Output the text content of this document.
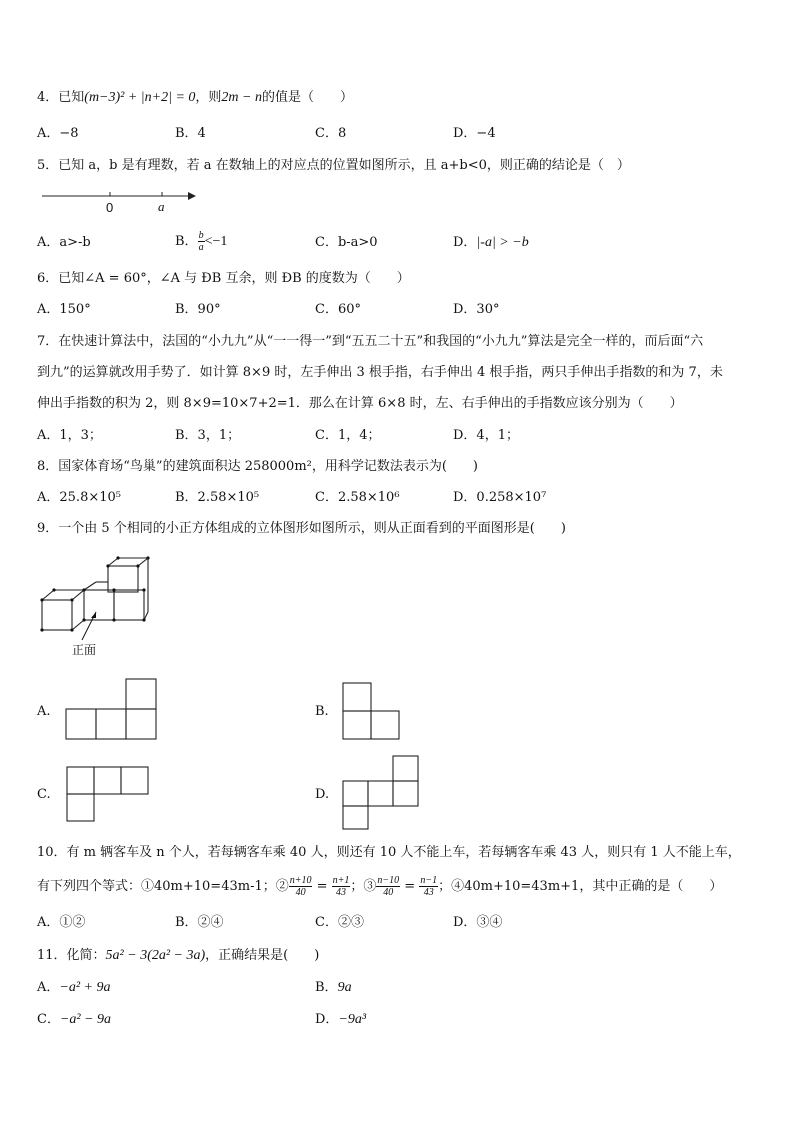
4．已知(m−3)² + |n+2| = 0，则2m − n的值是（　　）
A．−8	B．4	C．8	D．−4
5．已知 a，b 是有理数，若 a 在数轴上的对应点的位置如图所示，且 a+b<0，则正确的结论是（　）
0	a
A．a>-b	B． $\frac{b}{a} <-1$	C．b-a>0	D．|-a| > −b
6．已知∠A = 60°，∠A 与 ÐB 互余，则 ÐB 的度数为（　　）
A．150°	B．90°	C．60°	D．30°
7．在快速计算法中，法国的“小九九”从“一一得一”到“五五二十五”和我国的“小九九”算法是完全一样的，而后面“六
到九”的运算就改用手势了．如计算 8×9 时，左手伸出 3 根手指，右手伸出 4 根手指，两只手伸出手指数的和为 7，未
伸出手指数的积为 2，则 8×9=10×7+2=1．那么在计算 6×8 时，左、右手伸出的手指数应该分别为（　　）
A．1，3；	B．3，1；	C．1，4；	D．4，1；
8．国家体育场“鸟巢”的建筑面积达 258000m²，用科学记数法表示为(　　)
A．25.8×10⁵	B．2.58×10⁵	C．2.58×10⁶	D．0.258×10⁷
9．一个由 5 个相同的小正方体组成的立体图形如图所示，则从正面看到的平面图形是(　　)
正面
A.	B.
C.	D.
10．有 m 辆客车及 n 个人，若每辆客车乘 40 人，则还有 10 人不能上车，若每辆客车乘 43 人，则只有 1 人不能上车，
有下列四个等式：①40m+10=43m-1；② $\frac{n+10}{40} = \frac{n+1}{43}$ ；③ $\frac{n-10}{40} = \frac{n-1}{43}$ ；④40m+10=43m+1，其中正确的是（　　）
A．①②	B．②④	C．②③	D．③④
11．化简：5a² − 3(2a² − 3a)，正确结果是(　　)
A．−a² + 9a	B．9a
C．−a² − 9a	D．−9a³
